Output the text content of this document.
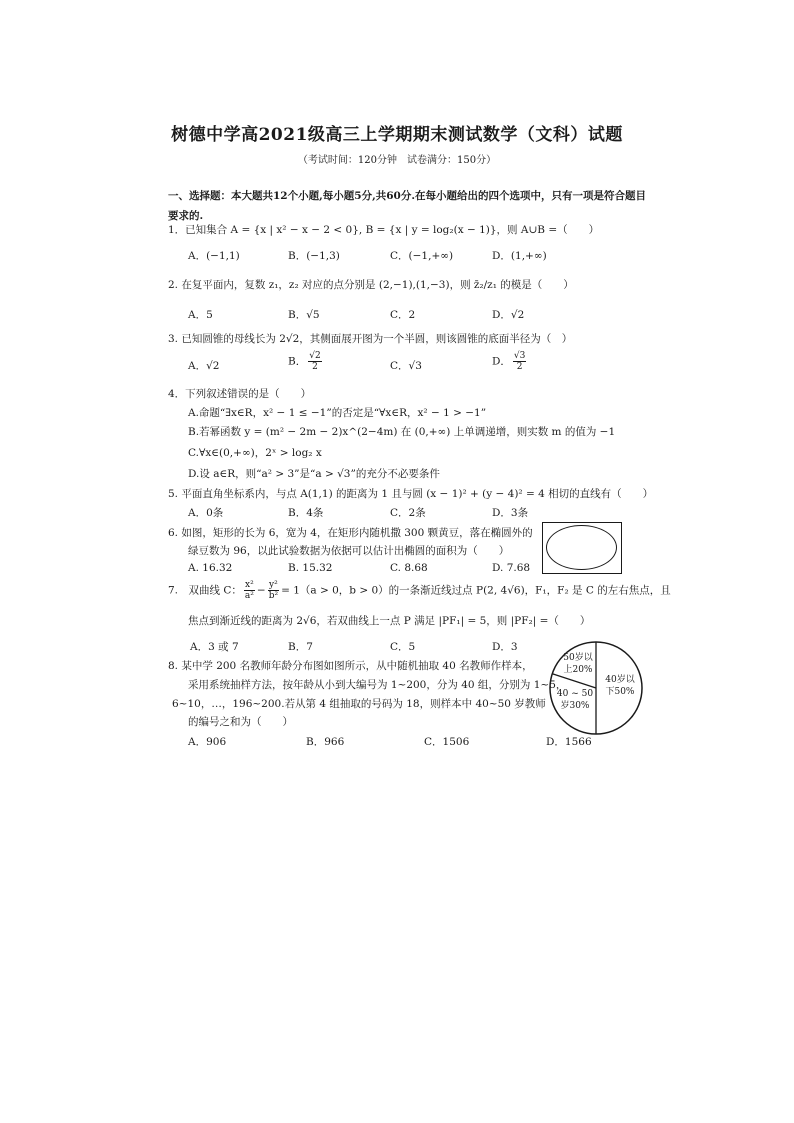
树德中学高2021级高三上学期期末测试数学（文科）试题
（考试时间：120分钟　试卷满分：150分）
一、选择题：本大题共12个小题,每小题5分,共60分.在每小题给出的四个选项中，只有一项是符合题目
要求的.
1．已知集合 A = {x | x² − x − 2 < 0}, B = {x | y = log₂(x − 1)}，则 A∪B =（　　）
A．(−1,1)	B．(−1,3)	C．(−1,+∞)	D．(1,+∞)
2. 在复平面内，复数 z₁，z₂ 对应的点分别是 (2,−1),(1,−3)，则 z̄₂/z₁ 的模是（　　）
A．5	B．√5	C．2	D．√2
3. 已知圆锥的母线长为 2√2，其侧面展开图为一个半圆，则该圆锥的底面半径为（　）
A．√2	B． $\frac{√2}{2}$	C．√3	D． $\frac{√3}{2}$
4．下列叙述错误的是（　　）
A.命题“∃x∈R，x² − 1 ≤ −1”的否定是“∀x∈R，x² − 1 > −1”
B.若幂函数 y = (m² − 2m − 2)x^(2−4m) 在 (0,+∞) 上单调递增，则实数 m 的值为 −1
C.∀x∈(0,+∞)，2ˣ > log₂ x
D.设 a∈R，则“a² > 3”是“a > √3”的充分不必要条件
5. 平面直角坐标系内，与点 A(1,1) 的距离为 1 且与圆 (x − 1)² + (y − 4)² = 4 相切的直线有（　　）
A．0条	B．4条	C．2条	D．3条
6. 如图，矩形的长为 6，宽为 4，在矩形内随机撒 300 颗黄豆，落在椭圆外的
绿豆数为 96，以此试验数据为依据可以估计出椭圆的面积为（　　）
A. 16.32	B. 15.32	C. 8.68	D. 7.68
7.　双曲线 C： $\frac{\text{x²}}{\text{a²}} - \frac{\text{y²}}{\text{b²}} = 1(a > 0$，b > 0）的一条渐近线过点 P(2, 4√6)，F₁，F₂ 是 C 的左右焦点，且
焦点到渐近线的距离为 2√6，若双曲线上一点 P 满足 |PF₁| = 5，则 |PF₂| =（　　）
A．3 或 7	B．7	C．5	D．3
8. 某中学 200 名教师年龄分布图如图所示，从中随机抽取 40 名教师作样本，
采用系统抽样方法，按年龄从小到大编号为 1~200，分为 40 组，分别为 1~5，
6~10，…，196~200.若从第 4 组抽取的号码为 18，则样本中 40~50 岁教师
的编号之和为（　　）
A．906	B．966	C．1506	D．1566
50岁以
上20%
40岁以
下50%
40 ~ 50
岁30%
